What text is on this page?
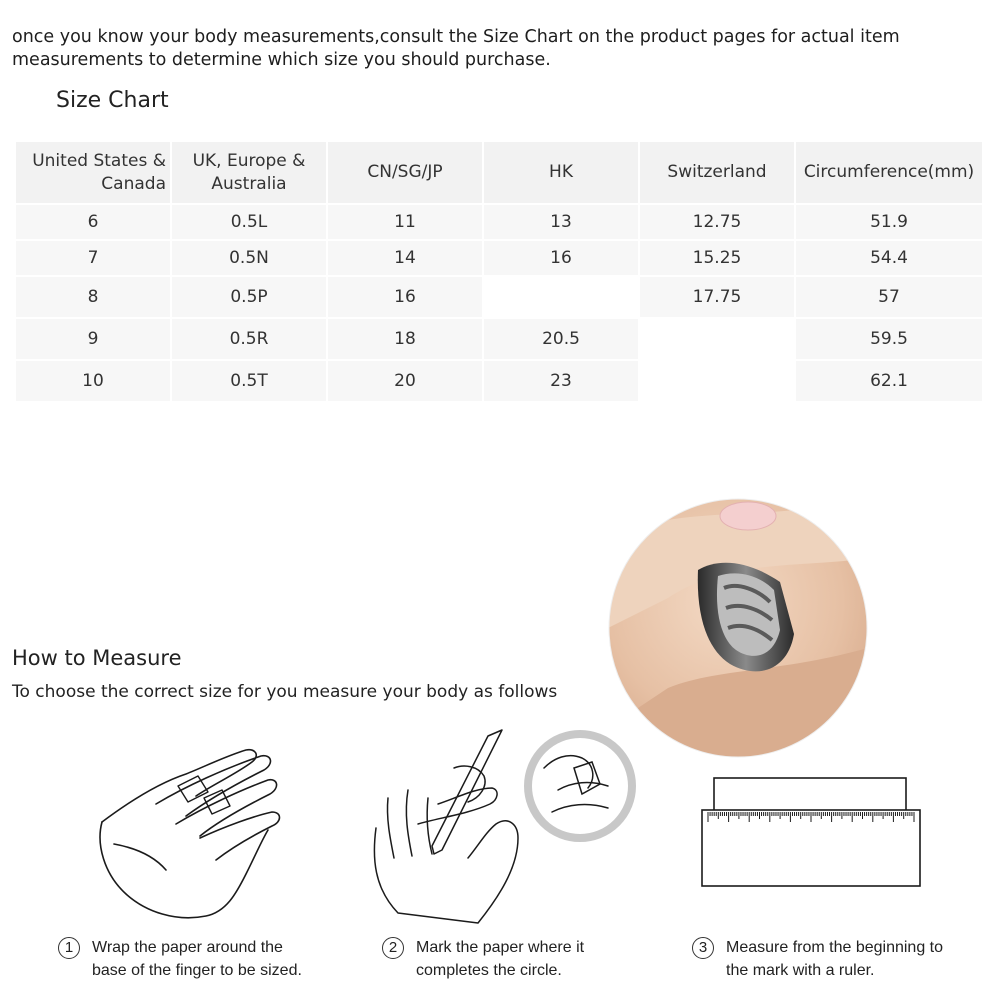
once you know your body measurements,consult the Size Chart on the product pages for actual item measurements to determine which size you should purchase.
Size Chart
United States & Canada	UK, Europe & Australia	CN/SG/JP	HK	Switzerland	Circumference(mm)
6	0.5L	11	13	12.75	51.9
7	0.5N	14	16	15.25	54.4
8	0.5P	16		17.75	57
9	0.5R	18	20.5		59.5
10	0.5T	20	23		62.1
How to Measure
To choose the correct size for you measure your body as follows
1	Wrap the paper around the
base of the finger to be sized.
2	Mark the paper where it
completes the circle.
3	Measure from the beginning to
the mark with a ruler.
